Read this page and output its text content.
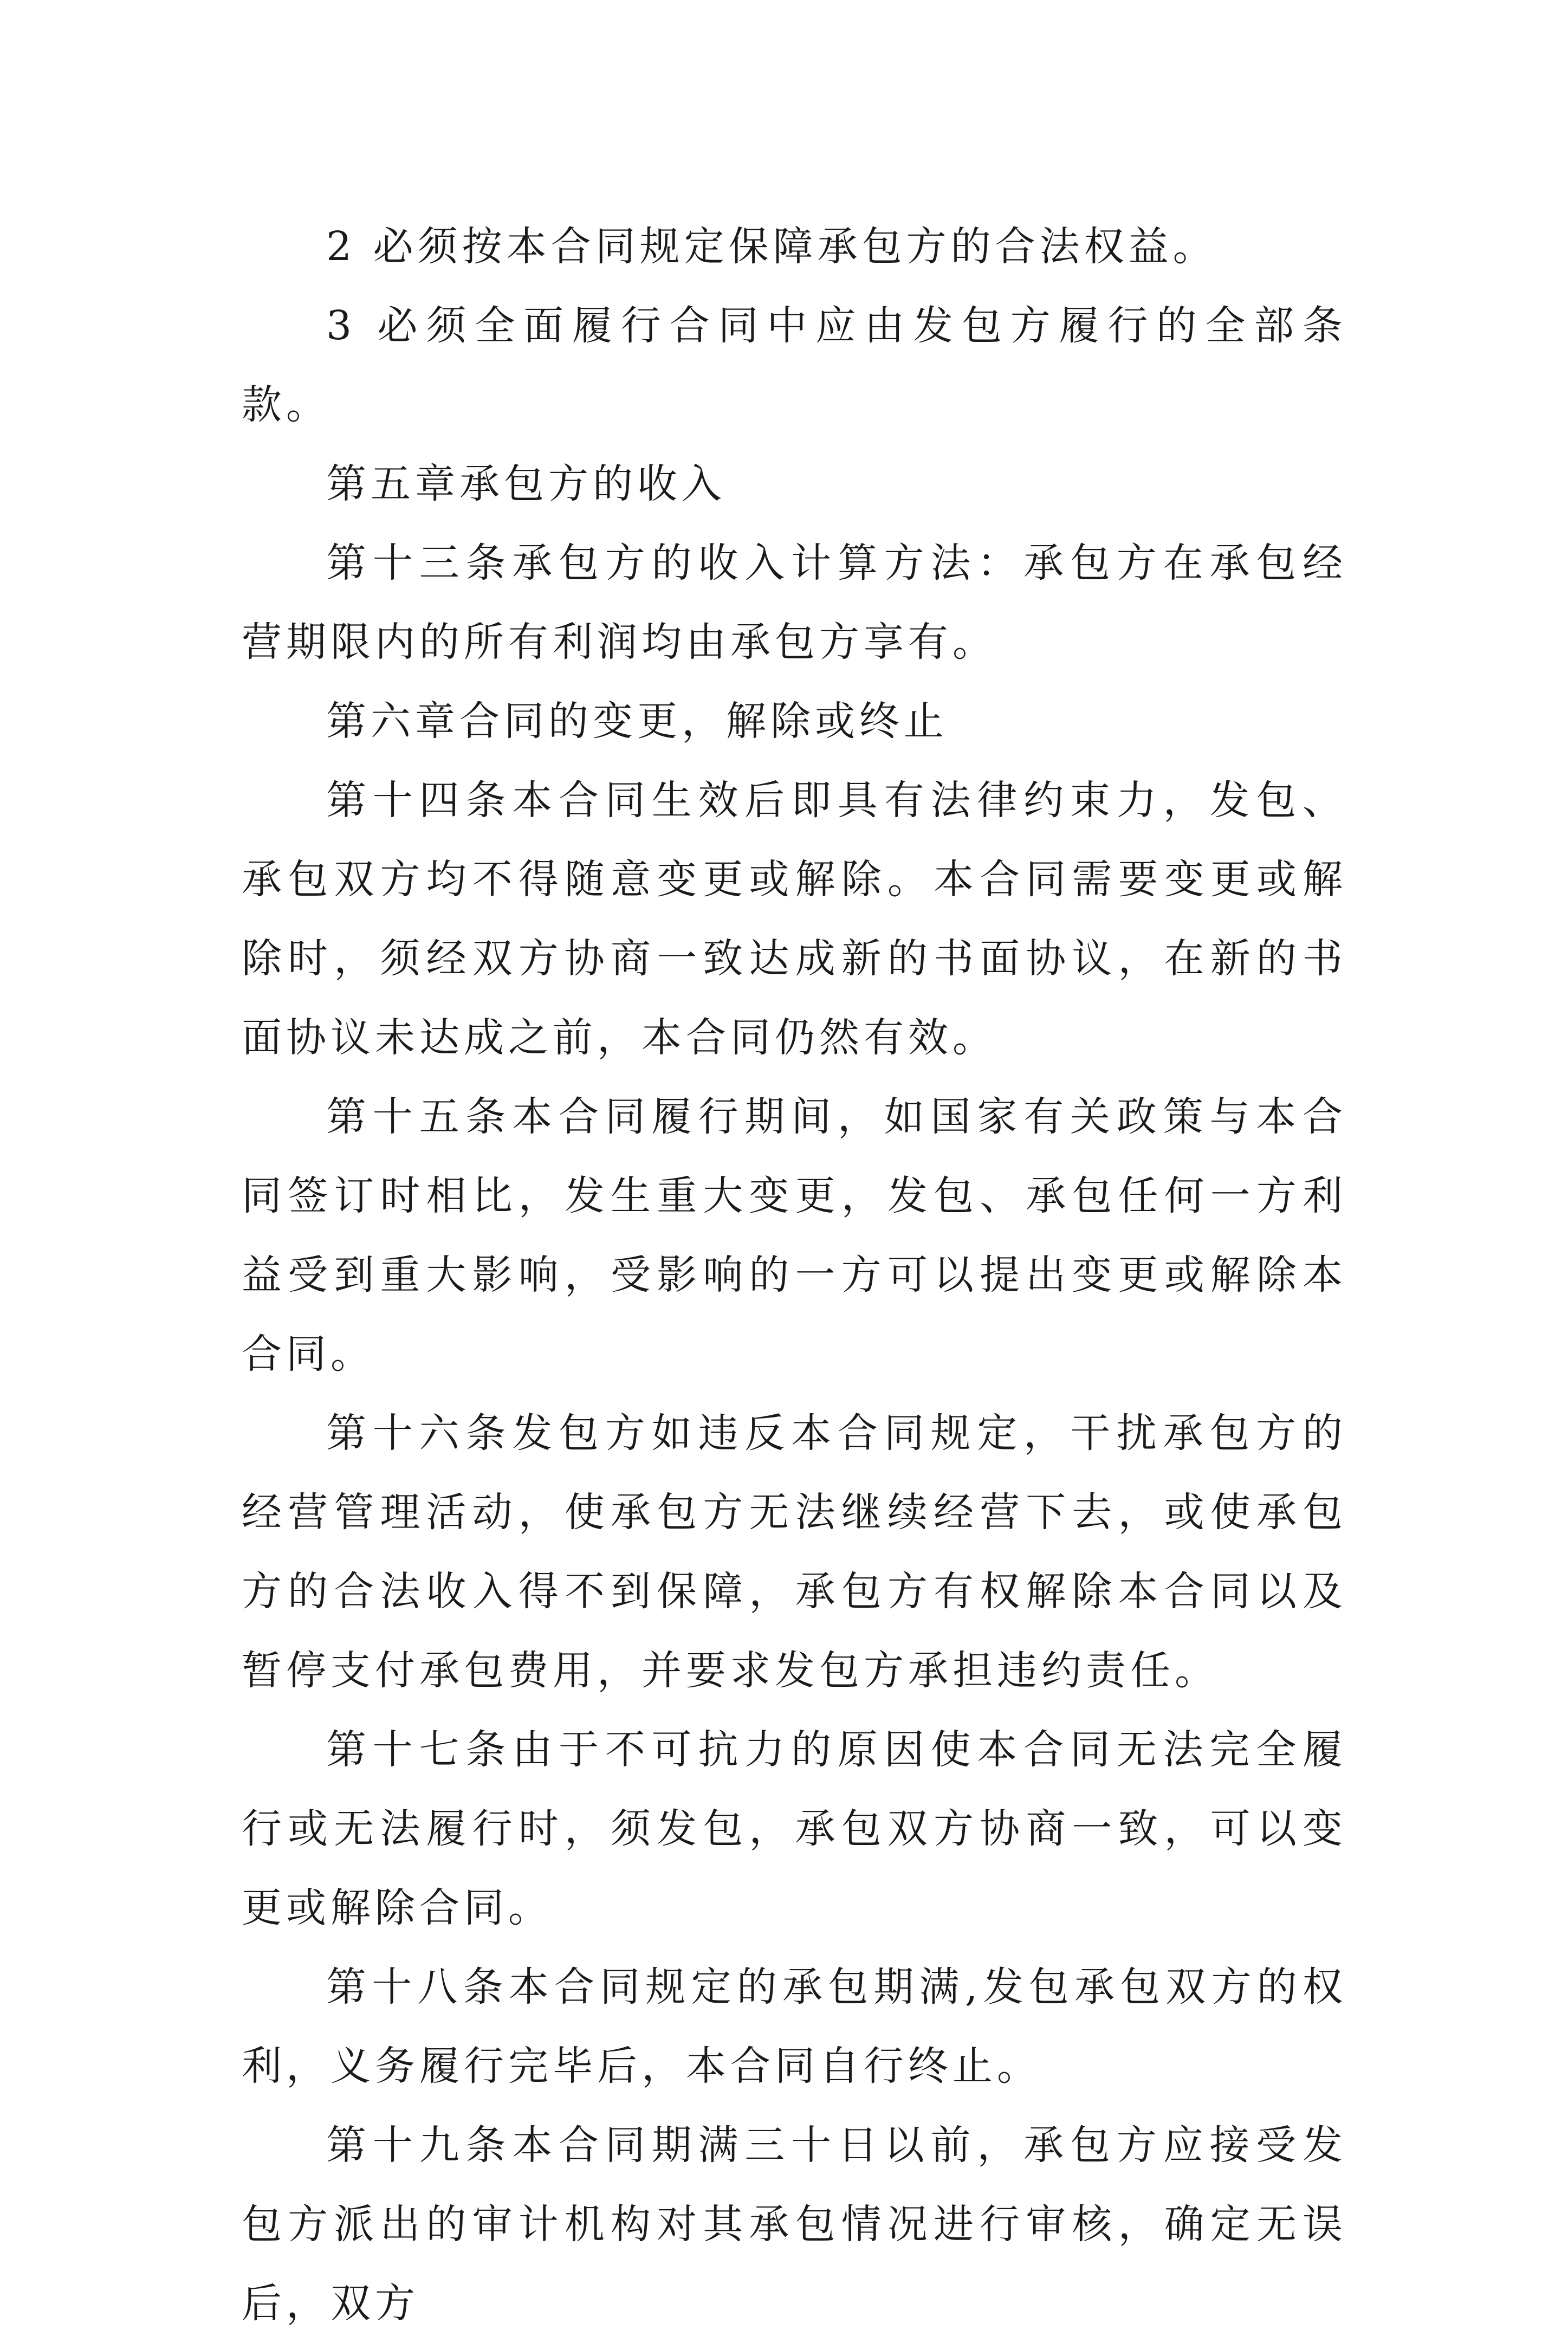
2 必须按本合同规定保障承包方的合法权益。

3 必须全面履行合同中应由发包方履行的全部条款。

第五章承包方的收入

第十三条承包方的收入计算方法：承包方在承包经营期限内的所有利润均由承包方享有。

第六章合同的变更，解除或终止

第十四条本合同生效后即具有法律约束力，发包、承包双方均不得随意变更或解除。本合同需要变更或解除时，须经双方协商一致达成新的书面协议，在新的书面协议未达成之前，本合同仍然有效。

第十五条本合同履行期间，如国家有关政策与本合同签订时相比，发生重大变更，发包、承包任何一方利益受到重大影响，受影响的一方可以提出变更或解除本合同。

第十六条发包方如违反本合同规定，干扰承包方的经营管理活动，使承包方无法继续经营下去，或使承包方的合法收入得不到保障，承包方有权解除本合同以及暂停支付承包费用，并要求发包方承担违约责任。

第十七条由于不可抗力的原因使本合同无法完全履行或无法履行时，须发包，承包双方协商一致，可以变更或解除合同。

第十八条本合同规定的承包期满,发包承包双方的权利，义务履行完毕后，本合同自行终止。

第十九条本合同期满三十日以前，承包方应接受发包方派出的审计机构对其承包情况进行审核，确定无误后，双方
